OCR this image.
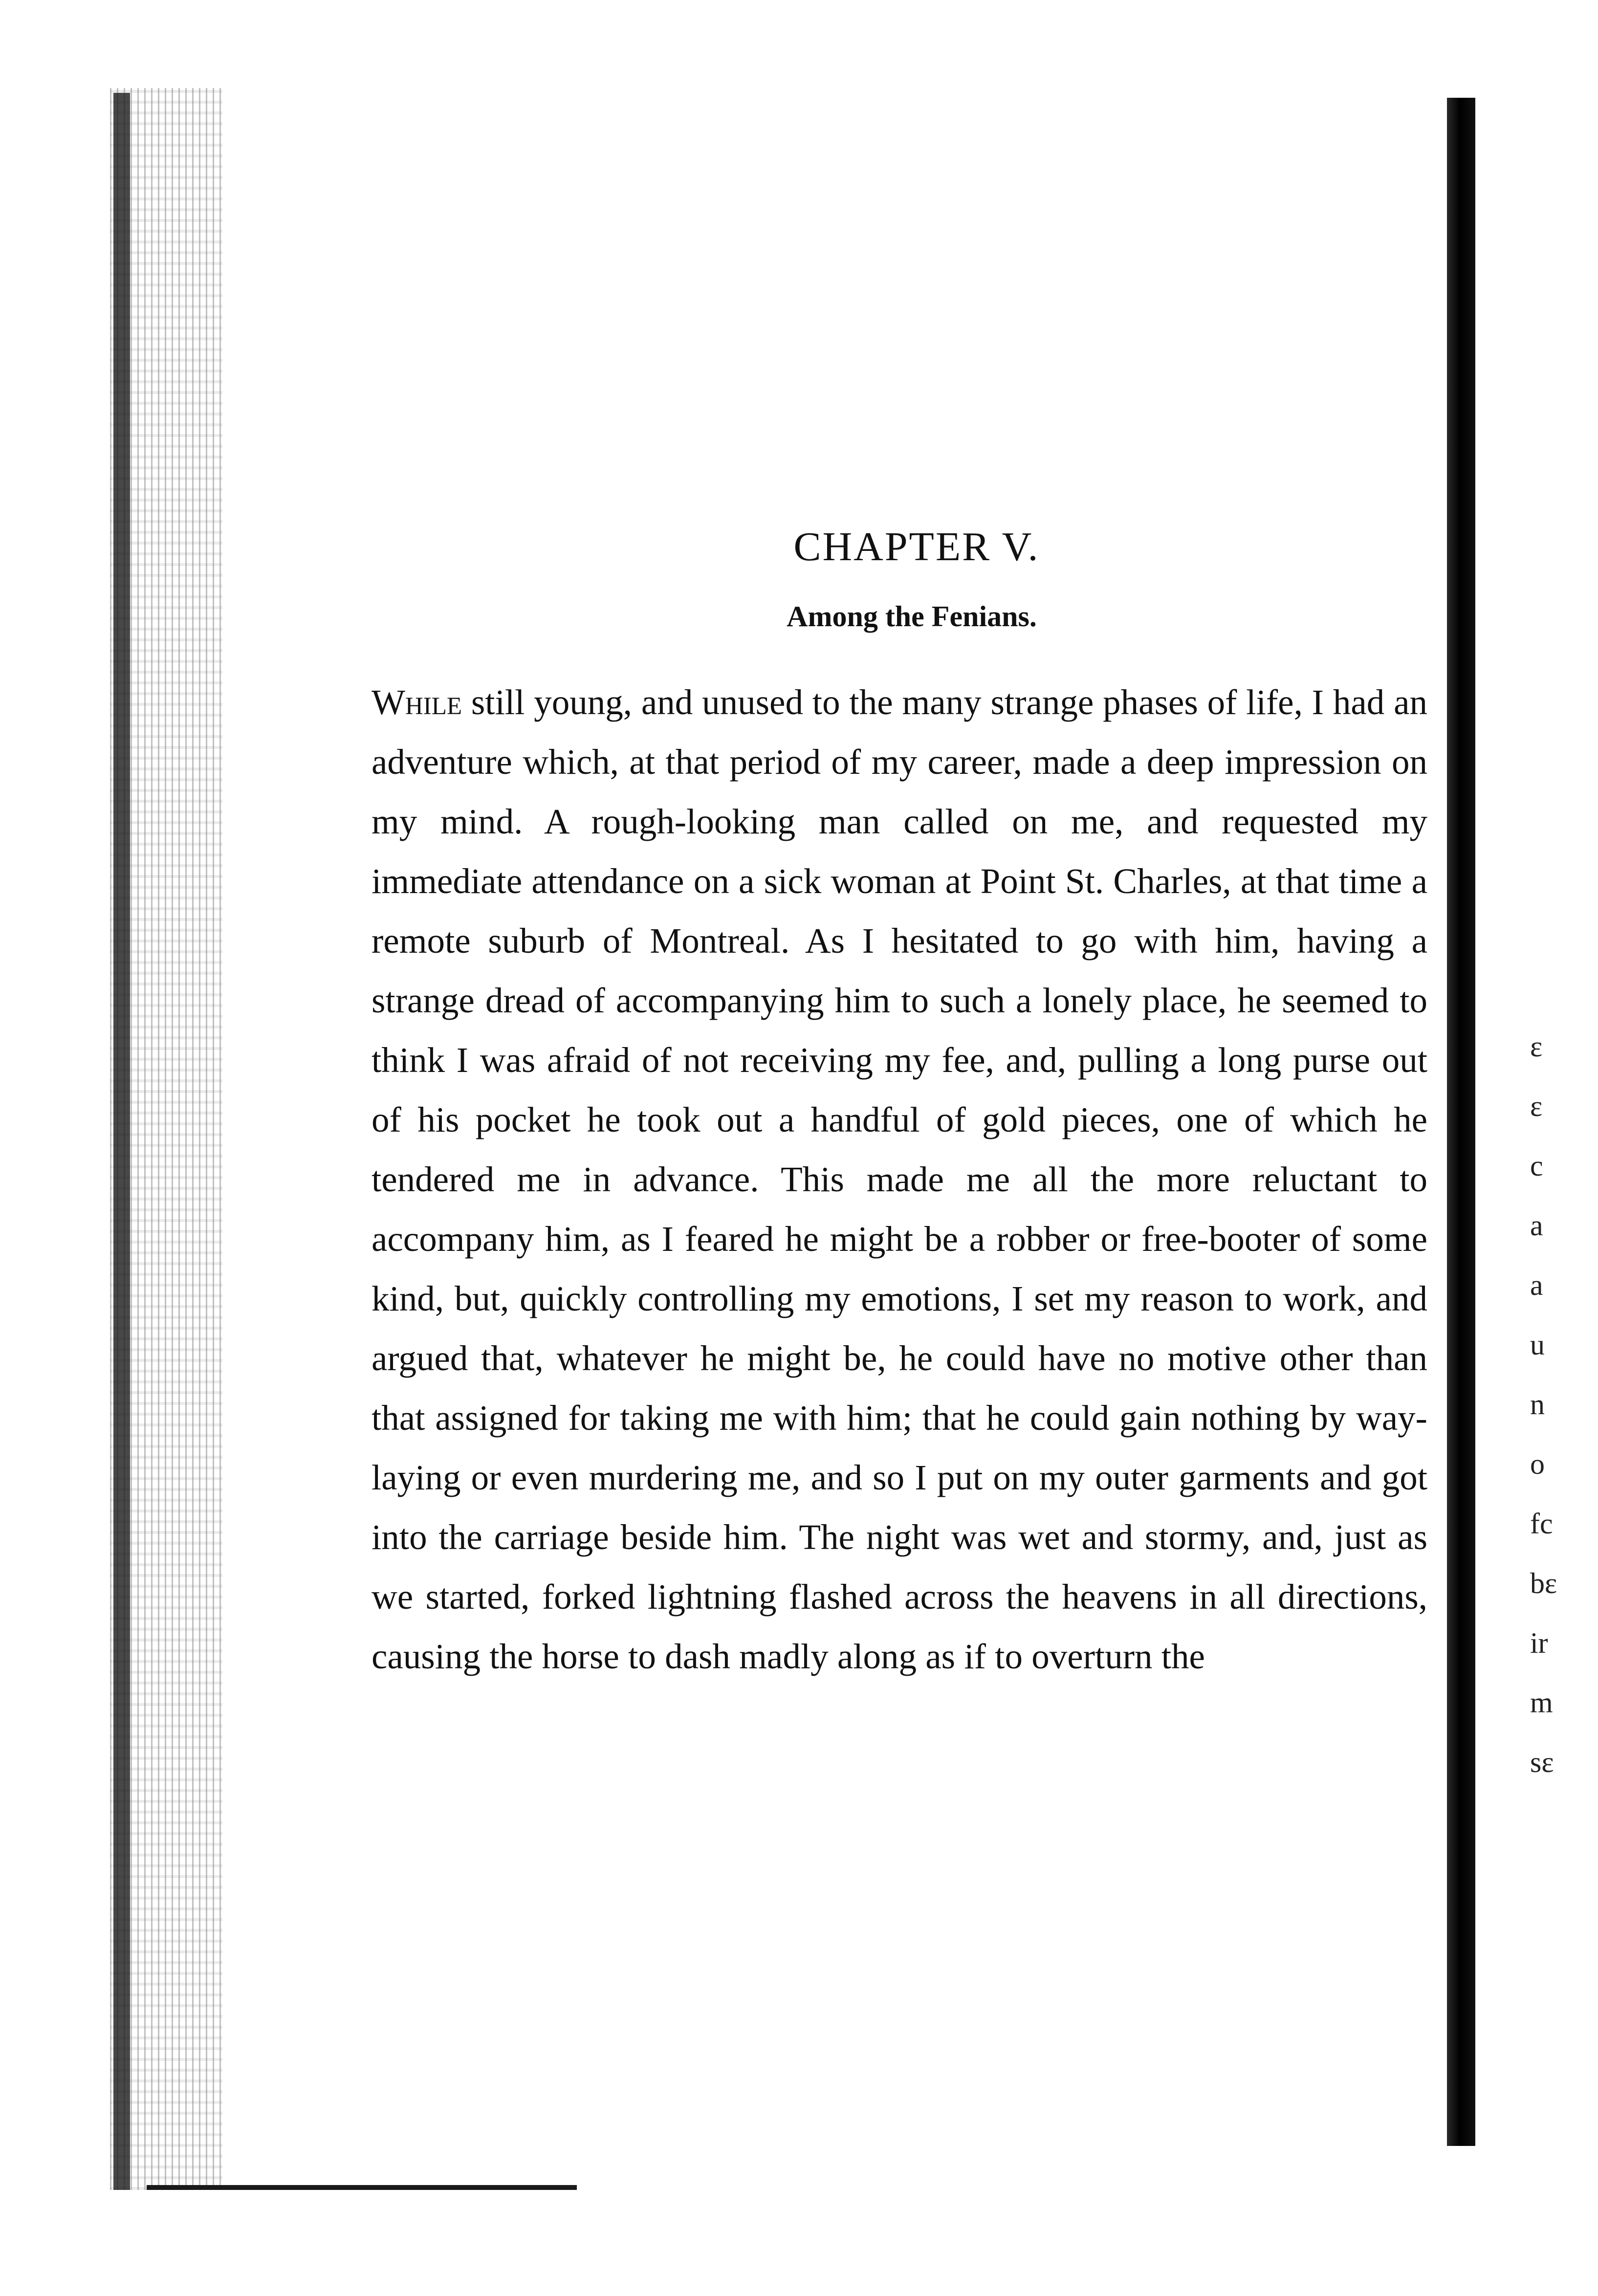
ε
ε
c
a
a
u
n
o
fc
bε
ir
m
sε
CHAPTER V.
Among the Fenians.

While still young, and unused to the many strange phases of life, I had an adventure which, at that period of my career, made a deep impression on my mind. A rough-looking man called on me, and requested my immediate attendance on a sick woman at Point St. Charles, at that time a remote suburb of Montreal. As I hesitated to go with him, having a strange dread of accompanying him to such a lonely place, he seemed to think I was afraid of not receiving my fee, and, pulling a long purse out of his pocket he took out a handful of gold pieces, one of which he tendered me in advance. This made me all the more reluctant to accompany him, as I feared he might be a robber or free-booter of some kind, but, quickly controlling my emotions, I set my reason to work, and argued that, whatever he might be, he could have no motive other than that assigned for taking me with him; that he could gain nothing by way-laying or even murdering me, and so I put on my outer garments and got into the carriage beside him. The night was wet and stormy, and, just as we started, forked lightning flashed across the heavens in all directions, causing the horse to dash madly along as if to overturn the
